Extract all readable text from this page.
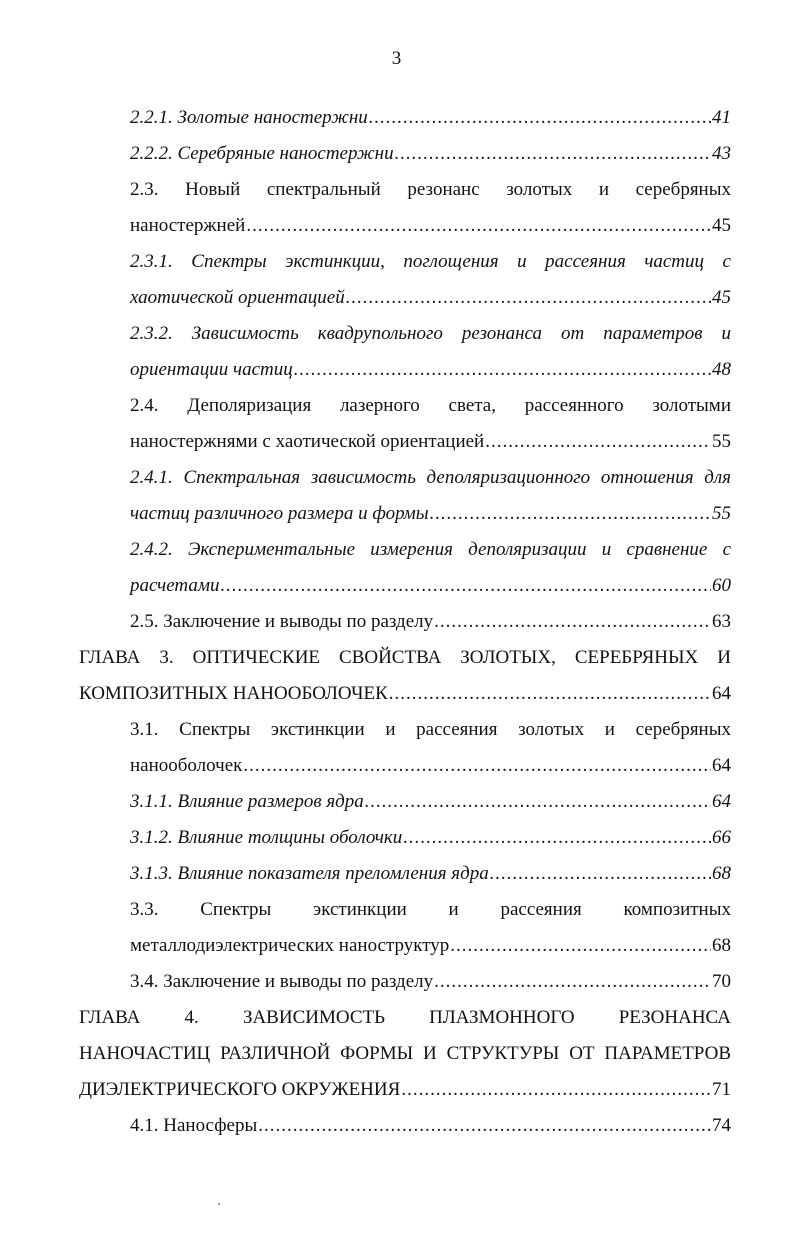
3
2.2.1. Золотые наностержни .....	41
2.2.2. Серебряные наностержни .....	43
2.3. Новый спектральный резонанс золотых и серебряных
наностержней .....	45
2.3.1. Спектры экстинкции, поглощения и рассеяния частиц с
хаотической ориентацией .....	45
2.3.2. Зависимость квадрупольного резонанса от параметров и
ориентации частиц .....	48
2.4. Деполяризация лазерного света, рассеянного золотыми
наностержнями с хаотической ориентацией .....	55
2.4.1. Спектральная зависимость деполяризационного отношения для
частиц различного размера и формы .....	55
2.4.2. Экспериментальные измерения деполяризации и сравнение с
расчетами .....	60
2.5. Заключение и выводы по разделу .....	63
ГЛАВА 3. ОПТИЧЕСКИЕ СВОЙСТВА ЗОЛОТЫХ, СЕРЕБРЯНЫХ И
КОМПОЗИТНЫХ НАНООБОЛОЧЕК .....	64
3.1. Спектры экстинкции и рассеяния золотых и серебряных
нанооболочек .....	64
3.1.1. Влияние размеров ядра .....	64
3.1.2. Влияние толщины оболочки .....	66
3.1.3. Влияние показателя преломления ядра .....	68
3.3. Спектры экстинкции и рассеяния композитных
металлодиэлектрических наноструктур .....	68
3.4. Заключение и выводы по разделу .....	70
ГЛАВА 4. ЗАВИСИМОСТЬ ПЛАЗМОННОГО РЕЗОНАНСА
НАНОЧАСТИЦ РАЗЛИЧНОЙ ФОРМЫ И СТРУКТУРЫ ОТ ПАРАМЕТРОВ
ДИЭЛЕКТРИЧЕСКОГО ОКРУЖЕНИЯ .....	71
4.1. Наносферы .....	74
